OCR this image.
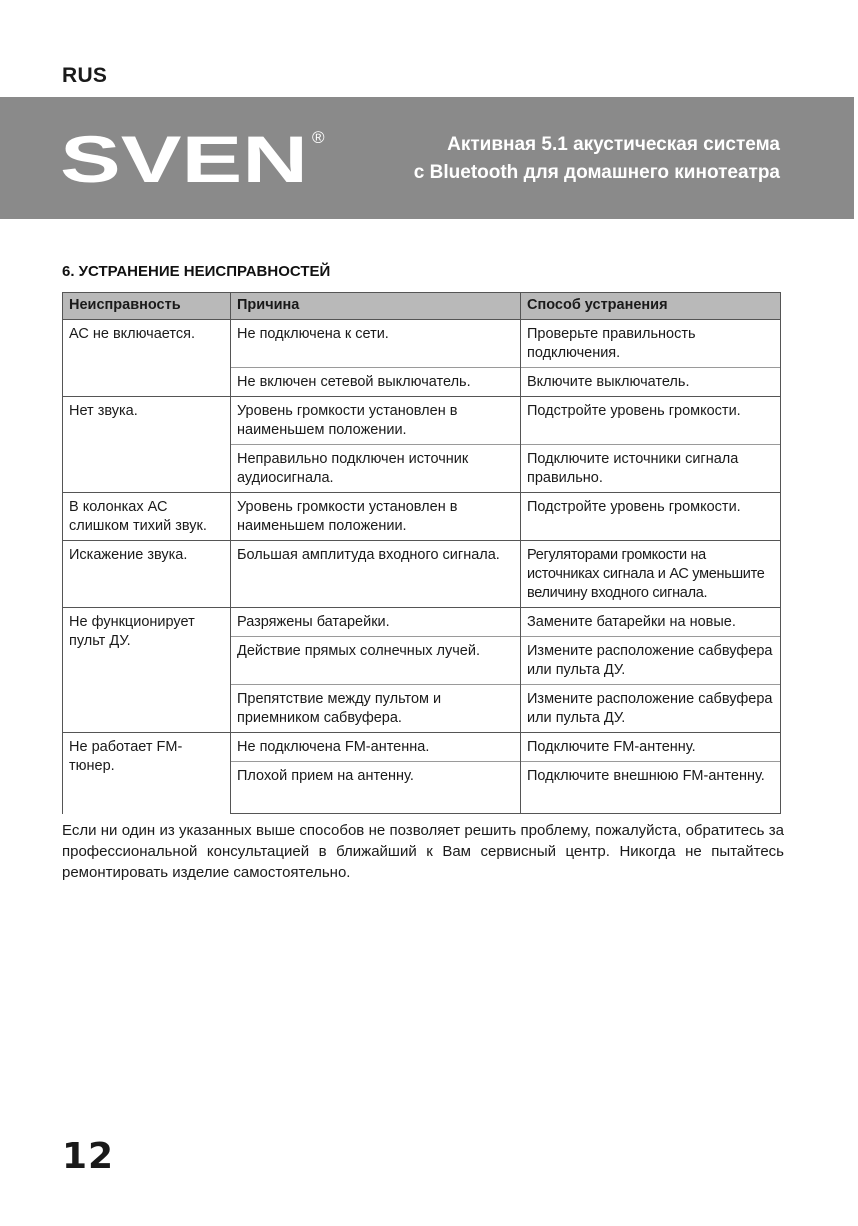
RUS
SVEN ®	Активная 5.1 акустическая система
с Bluetooth для домашнего кинотеатра
6. УСТРАНЕНИЕ НЕИСПРАВНОСТЕЙ
Неисправность	Причина	Способ устранения
АС не включается.	Не подключена к сети.	Проверьте правильность подключения.
	Не включен сетевой выключатель.	Включите выключатель.
Нет звука.	Уровень громкости установлен в наименьшем положении.	Подстройте уровень громкости.
	Неправильно подключен источник аудиосигнала.	Подключите источники сигнала правильно.
В колонках АС слишком тихий звук.	Уровень громкости установлен в наименьшем положении.	Подстройте уровень громкости.
Искажение звука.	Большая амплитуда входного сигнала.	Регуляторами громкости на источниках сигнала и АС уменьшите величину входного сигнала.
Не функционирует пульт ДУ.	Разряжены батарейки.	Замените батарейки на новые.
	Действие прямых солнечных лучей.	Измените расположение сабвуфера или пульта ДУ.
	Препятствие между пультом и приемником сабвуфера.	Измените расположение сабвуфера или пульта ДУ.
Не работает FM-тюнер.	Не подключена FM-антенна.	Подключите FM-антенну.
	Плохой прием на антенну.	Подключите внешнюю FM-антенну.
Если ни один из указанных выше способов не позволяет решить проблему, пожалуйста, обратитесь за профессиональной консультацией в ближайший к Вам сервисный центр. Никогда не пытайтесь ремонтировать изделие самостоятельно.
12
